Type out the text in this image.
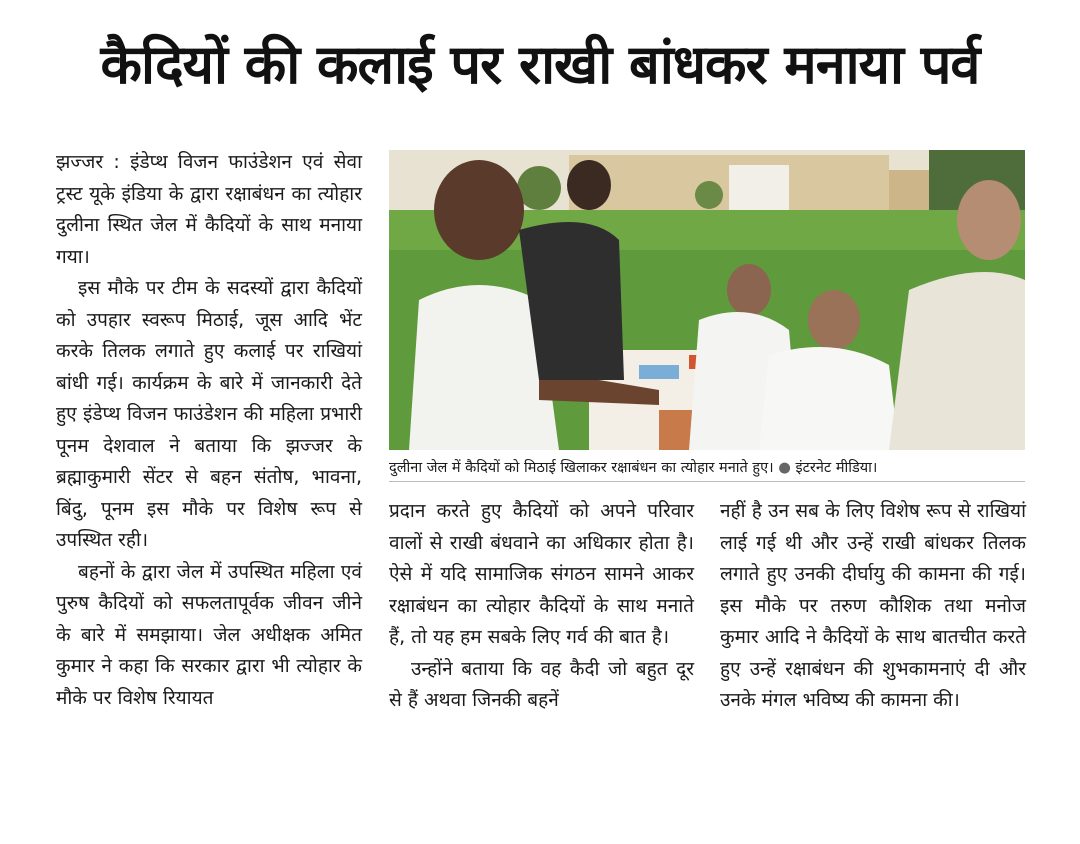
कैदियों की कलाई पर राखी बांधकर मनाया पर्व

झज्जर : इंडेप्थ विजन फाउंडेशन एवं सेवा ट्रस्ट यूके इंडिया के द्वारा रक्षाबंधन का त्योहार दुलीना स्थित जेल में कैदियों के साथ मनाया गया।

इस मौके पर टीम के सदस्यों द्वारा कैदियों को उपहार स्वरूप मिठाई, जूस आदि भेंट करके तिलक लगाते हुए कलाई पर राखियां बांधी गई। कार्यक्रम के बारे में जानकारी देते हुए इंडेप्थ विजन फाउंडेशन की महिला प्रभारी पूनम देशवाल ने बताया कि झज्जर के ब्रह्माकुमारी सेंटर से बहन संतोष, भावना, बिंदु, पूनम इस मौके पर विशेष रूप से उपस्थित रही।

बहनों के द्वारा जेल में उपस्थित महिला एवं पुरुष कैदियों को सफलतापूर्वक जीवन जीने के बारे में समझाया। जेल अधीक्षक अमित कुमार ने कहा कि सरकार द्वारा भी त्योहार के मौके पर विशेष रियायत

दुलीना जेल में कैदियों को मिठाई खिलाकर रक्षाबंधन का त्योहार मनाते हुए। ● इंटरनेट मीडिया।

प्रदान करते हुए कैदियों को अपने परिवार वालों से राखी बंधवाने का अधिकार होता है। ऐसे में यदि सामाजिक संगठन सामने आकर रक्षाबंधन का त्योहार कैदियों के साथ मनाते हैं, तो यह हम सबके लिए गर्व की बात है।

उन्होंने बताया कि वह कैदी जो बहुत दूर से हैं अथवा जिनकी बहनें

नहीं है उन सब के लिए विशेष रूप से राखियां लाई गई थी और उन्हें राखी बांधकर तिलक लगाते हुए उनकी दीर्घायु की कामना की गई। इस मौके पर तरुण कौशिक तथा मनोज कुमार आदि ने कैदियों के साथ बातचीत करते हुए उन्हें रक्षाबंधन की शुभकामनाएं दी और उनके मंगल भविष्य की कामना की।
